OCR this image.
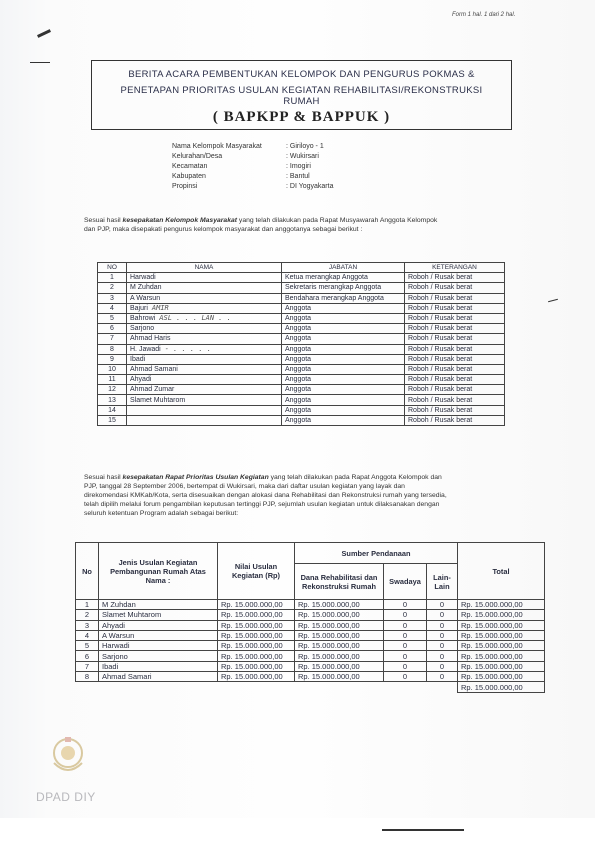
Form 1 hal. 1 dari 2 hal.
BERITA ACARA PEMBENTUKAN KELOMPOK DAN PENGURUS POKMAS &
PENETAPAN PRIORITAS USULAN KEGIATAN REHABILITASI/REKONSTRUKSI
RUMAH
( BAPKPP & BAPPUK )
Nama Kelompok Masyarakat	: Giriloyo - 1
Kelurahan/Desa	: Wukirsari
Kecamatan	: Imogiri
Kabupaten	: Bantul
Propinsi	: DI Yogyakarta
Sesuai hasil kesepakatan Kelompok Masyarakat yang telah dilakukan pada Rapat Musyawarah Anggota Kelompok
dan PJP, maka disepakati pengurus kelompok masyarakat dan anggotanya sebagai berikut :
NO	NAMA	JABATAN	KETERANGAN
1	Harwadi	Ketua merangkap Anggota	Roboh / Rusak berat
2	M Zuhdan	Sekretaris merangkap Anggota	Roboh / Rusak berat
3	A Warsun	Bendahara merangkap Anggota	Roboh / Rusak berat
4	Bajuri AMIR	Anggota	Roboh / Rusak berat
5	Bahrowi ASL . . . LAN . .	Anggota	Roboh / Rusak berat
6	Sarjono	Anggota	Roboh / Rusak berat
7	Ahmad Haris	Anggota	Roboh / Rusak berat
8	H. Jawadi - . . . . .	Anggota	Roboh / Rusak berat
9	Ibadi	Anggota	Roboh / Rusak berat
10	Ahmad Samani	Anggota	Roboh / Rusak berat
11	Ahyadi	Anggota	Roboh / Rusak berat
12	Ahmad Zumar	Anggota	Roboh / Rusak berat
13	Slamet Muhtarom	Anggota	Roboh / Rusak berat
14		Anggota	Roboh / Rusak berat
15		Anggota	Roboh / Rusak berat
Sesuai hasil kesepakatan Rapat Prioritas Usulan Kegiatan yang telah dilakukan pada Rapat Anggota Kelompok dan
PJP, tanggal 28 September 2006, bertempat di Wukirsari, maka dari daftar usulan kegiatan yang layak dan
direkomendasi KMKab/Kota, serta disesuaikan dengan alokasi dana Rehabilitasi dan Rekonstruksi rumah yang tersedia,
telah dipilih melalui forum pengambilan keputusan tertinggi PJP, sejumlah usulan kegiatan untuk dilaksanakan dengan
seluruh ketentuan Program adalah sebagai berikut:
No	Jenis Usulan Kegiatan Pembangunan Rumah Atas Nama :	Nilai Usulan Kegiatan (Rp)	Sumber Pendanaan			Total
			Dana Rehabilitasi dan Rekonstruksi Rumah	Swadaya	Lain-Lain	
1	M Zuhdan	Rp. 15.000.000,00	Rp. 15.000.000,00	0	0	Rp. 15.000.000,00
2	Slamet Muhtarom	Rp. 15.000.000,00	Rp. 15.000.000,00	0	0	Rp. 15.000.000,00
3	Ahyadi	Rp. 15.000.000,00	Rp. 15.000.000,00	0	0	Rp. 15.000.000,00
4	A Warsun	Rp. 15.000.000,00	Rp. 15.000.000,00	0	0	Rp. 15.000.000,00
5	Harwadi	Rp. 15.000.000,00	Rp. 15.000.000,00	0	0	Rp. 15.000.000,00
6	Sarjono	Rp. 15.000.000,00	Rp. 15.000.000,00	0	0	Rp. 15.000.000,00
7	Ibadi	Rp. 15.000.000,00	Rp. 15.000.000,00	0	0	Rp. 15.000.000,00
8	Ahmad Samari	Rp. 15.000.000,00	Rp. 15.000.000,00	0	0	Rp. 15.000.000,00
						Rp. 15.000.000,00
DPAD DIY
